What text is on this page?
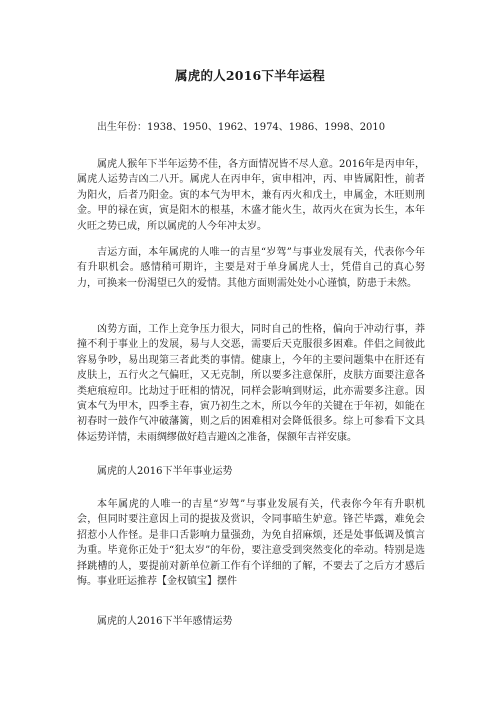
属虎的人2016下半年运程
出生年份：1938、1950、1962、1974、1986、1998、2010

属虎人猴年下半年运势不佳，各方面情况皆不尽人意。2016年是丙申年，属虎人运势吉凶二八开。属虎人在丙申年，寅申相冲，丙、申皆属阳性，前者为阳火，后者乃阳金。寅的本气为甲木，兼有丙火和戊土，申属金，木旺则刑金。甲的禄在寅，寅是阳木的根基，木盛才能火生，故丙火在寅为长生，本年火旺之势已成，所以属虎的人今年冲太岁。

吉运方面，本年属虎的人唯一的吉星“岁驾”与事业发展有关，代表你今年有升职机会。感情稍可期许，主要是对于单身属虎人士，凭借自己的真心努力，可换来一份渴望已久的爱情。其他方面则需处处小心谨慎，防患于未然。

凶势方面，工作上竞争压力很大，同时自己的性格，偏向于冲动行事，莽撞不利于事业上的发展，易与人交恶，需要后天克服很多困难。伴侣之间彼此容易争吵，易出现第三者此类的事情。健康上，今年的主要问题集中在肝还有皮肤上，五行火之气偏旺，又无克制，所以要多注意保肝，皮肤方面要注意各类疤痕痘印。比劫过于旺相的情况，同样会影响到财运，此亦需要多注意。因寅本气为甲木，四季主春，寅乃初生之木，所以今年的关键在于年初，如能在初春时一鼓作气冲破藩篱，则之后的困难相对会降低很多。综上可参看下文具体运势详情，未雨绸缪做好趋吉避凶之准备，保额年吉祥安康。

属虎的人2016下半年事业运势

本年属虎的人唯一的吉星“岁驾”与事业发展有关，代表你今年有升职机会，但同时要注意因上司的提拔及赏识，令同事暗生妒意。锋芒毕露，难免会招惹小人作怪。是非口舌影响力量强劲，为免自招麻烦，还是处事低调及慎言为重。毕竟你正处于“犯太岁”的年份，要注意受到突然变化的牵动。特别是选择跳槽的人，要提前对新单位新工作有个详细的了解，不要去了之后方才感后悔。事业旺运推荐【金权镇宝】摆件

属虎的人2016下半年感情运势
